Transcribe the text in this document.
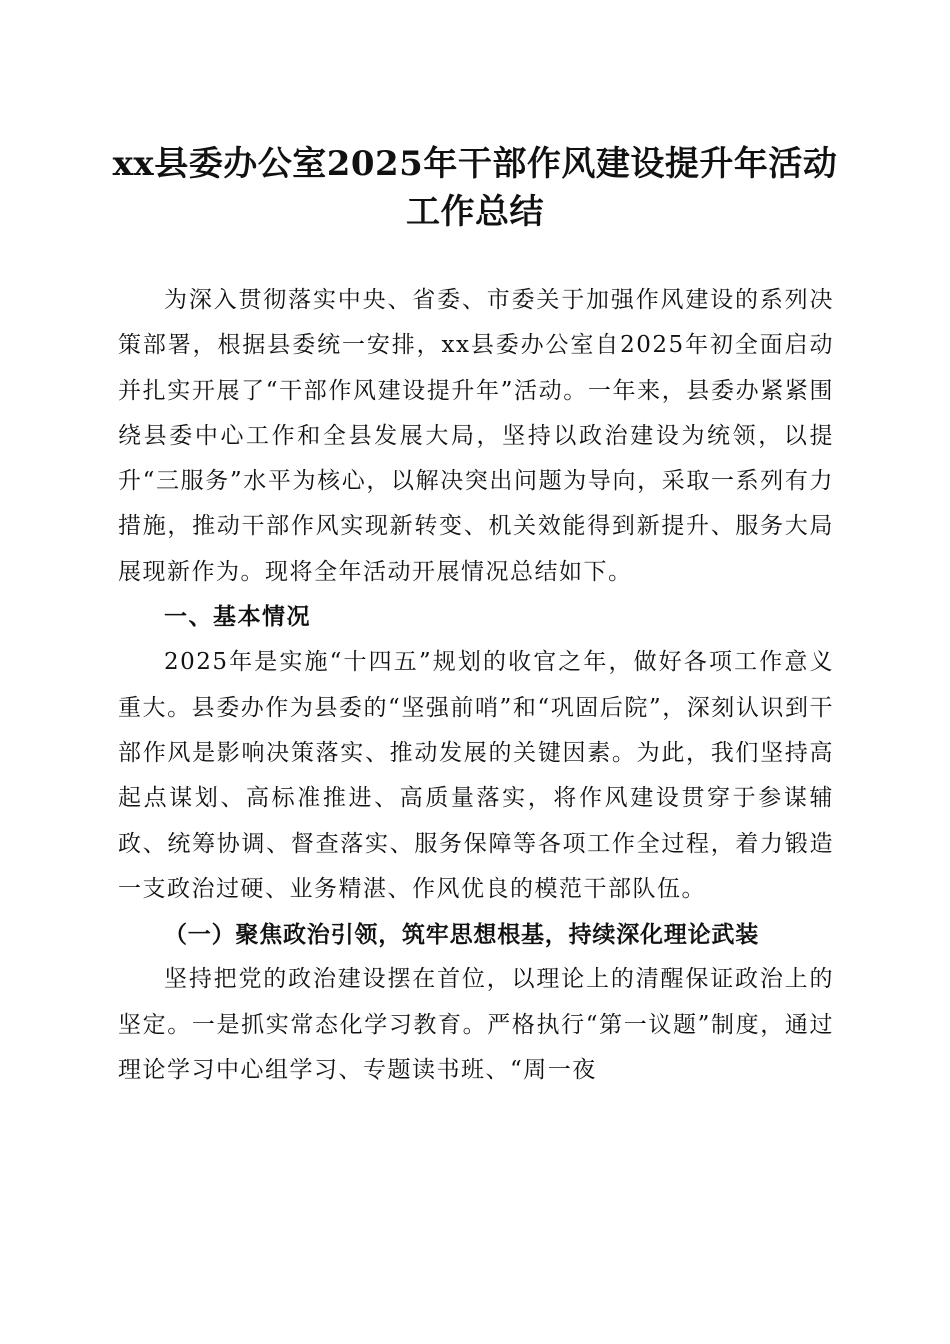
xx县委办公室2025年干部作风建设提升年活动工作总结

为深入贯彻落实中央、省委、市委关于加强作风建设的系列决策部署，根据县委统一安排，xx县委办公室自2025年初全面启动并扎实开展了“干部作风建设提升年”活动。一年来，县委办紧紧围绕县委中心工作和全县发展大局，坚持以政治建设为统领，以提升“三服务”水平为核心，以解决突出问题为导向，采取一系列有力措施，推动干部作风实现新转变、机关效能得到新提升、服务大局展现新作为。现将全年活动开展情况总结如下。

一、基本情况

2025年是实施“十四五”规划的收官之年，做好各项工作意义重大。县委办作为县委的“坚强前哨”和“巩固后院”，深刻认识到干部作风是影响决策落实、推动发展的关键因素。为此，我们坚持高起点谋划、高标准推进、高质量落实，将作风建设贯穿于参谋辅政、统筹协调、督查落实、服务保障等各项工作全过程，着力锻造一支政治过硬、业务精湛、作风优良的模范干部队伍。

（一）聚焦政治引领，筑牢思想根基，持续深化理论武装

坚持把党的政治建设摆在首位，以理论上的清醒保证政治上的坚定。一是抓实常态化学习教育。严格执行“第一议题”制度，通过理论学习中心组学习、专题读书班、“周一夜
